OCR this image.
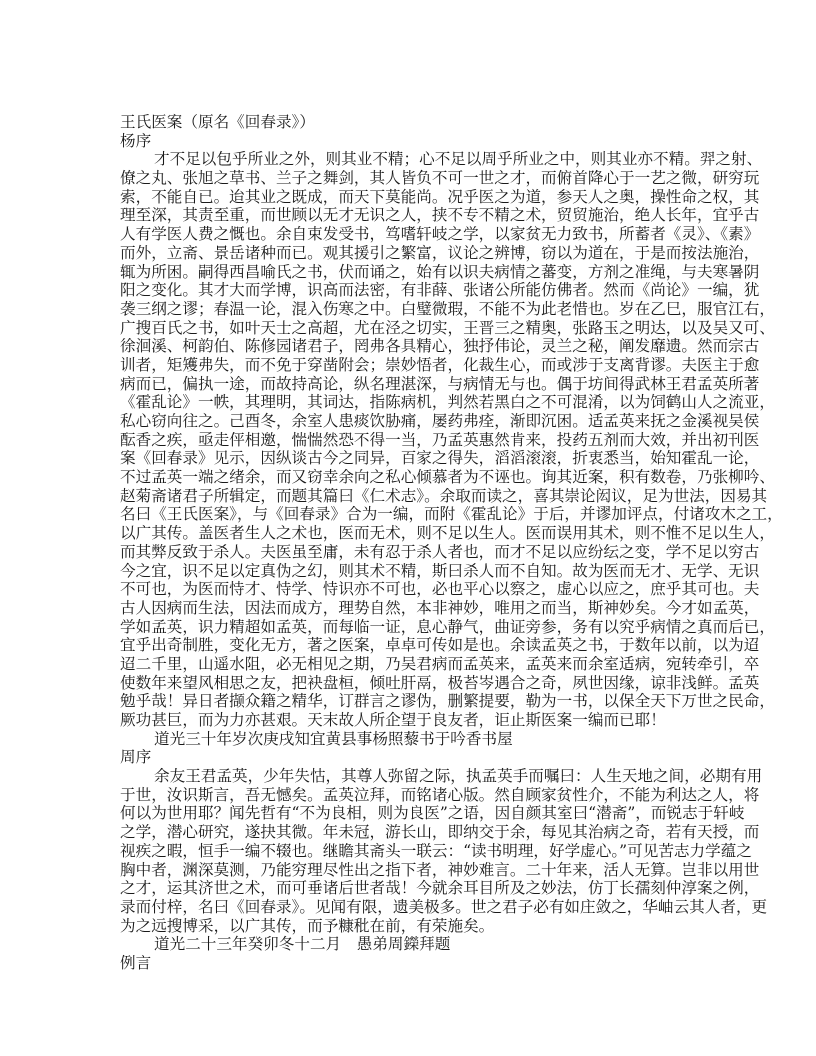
王氏医案（原名《回春录》）
杨序
才不足以包乎所业之外，则其业不精；心不足以周乎所业之中，则其业亦不精。羿之射、
僚之丸、张旭之草书、兰子之舞剑，其人皆负不可一世之才，而俯首降心于一艺之微，研穷玩
索，不能自已。迨其业之既成，而天下莫能尚。况乎医之为道，参天人之奥，操性命之权，其
理至深，其责至重，而世顾以无才无识之人，挟不专不精之术，贸贸施治，绝人长年，宜乎古
人有学医人费之慨也。余自束发受书，笃嗜轩岐之学，以家贫无力致书，所蓄者《灵》、《素》
而外，立斋、景岳诸种而已。观其援引之繁富，议论之辨博，窃以为道在，于是而按法施治，
辄为所困。嗣得西昌喻氏之书，伏而诵之，始有以识夫病情之蕃变，方剂之准绳，与夫寒暑阴
阳之变化。其才大而学博，识高而法密，有非薛、张诸公所能仿佛者。然而《尚论》一编，犹
袭三纲之谬；春温一论，混入伤寒之中。白璧微瑕，不能不为此老惜也。岁在乙巳，服官江右，
广搜百氏之书，如叶天士之高超，尤在泾之切实，王晋三之精奥，张路玉之明达，以及吴又可、
徐洄溪、柯韵伯、陈修园诸君子，罔弗各具精心，独抒伟论，灵兰之秘，阐发靡遗。然而宗古
训者，矩矱弗失，而不免于穿凿附会；崇妙悟者，化裁生心，而或涉于支离背谬。夫医主于愈
病而已，偏执一途，而故持高论，纵名理湛深，与病情无与也。偶于坊间得武林王君孟英所著
《霍乱论》一帙，其理明，其词达，指陈病机，判然若黑白之不可混淆，以为饲鹤山人之流亚，
私心窃向往之。己酉冬，余室人患痰饮胁痛，屡药弗痊，渐即沉困。适孟英来抚之金溪视吴侯
酝香之疾，亟走伻相邀，惴惴然恐不得一当，乃孟英惠然肯来，投药五剂而大效，并出初刊医
案《回春录》见示，因纵谈古今之同异，百家之得失，滔滔滚滚，折衷悉当，始知霍乱一论，
不过孟英一端之绪余，而又窃幸余向之私心倾慕者为不诬也。询其近案，积有数卷，乃张柳吟、
赵菊斋诸君子所辑定，而题其篇曰《仁术志》。余取而读之，喜其崇论闳议，足为世法，因易其
名曰《王氏医案》，与《回春录》合为一编，而附《霍乱论》于后，并谬加评点，付诸攻木之工，
以广其传。盖医者生人之术也，医而无术，则不足以生人。医而误用其术，则不惟不足以生人，
而其弊反致于杀人。夫医虽至庸，未有忍于杀人者也，而才不足以应纷纭之变，学不足以穷古
今之宜，识不足以定真伪之幻，则其术不精，斯曰杀人而不自知。故为医而无才、无学、无识
不可也，为医而恃才、恃学、恃识亦不可也，必也平心以察之，虚心以应之，庶乎其可也。夫
古人因病而生法，因法而成方，理势自然，本非神妙，唯用之而当，斯神妙矣。今才如孟英，
学如孟英，识力精超如孟英，而每临一证，息心静气，曲证旁参，务有以究乎病情之真而后已，
宜乎出奇制胜，变化无方，著之医案，卓卓可传如是也。余读孟英之书，于数年以前，以为迢
迢二千里，山遥水阻，必无相见之期，乃吴君病而孟英来，孟英来而余室适病，宛转牵引，卒
使数年来望风相思之友，把袂盘桓，倾吐肝鬲，极苔岑遇合之奇，夙世因缘，谅非浅鲜。孟英
勉乎哉！异日者撷众籍之精华，订群言之谬伪，删繁提要，勒为一书，以保全天下万世之民命，
厥功甚巨，而为力亦甚艰。天末故人所企望于良友者，讵止斯医案一编而已耶！
道光三十年岁次庚戌知宜黄县事杨照藜书于吟香书屋
周序
余友王君孟英，少年失怙，其尊人弥留之际，执孟英手而嘱曰：人生天地之间，必期有用
于世，汝识斯言，吾无憾矣。孟英泣拜，而铭诸心版。然自顾家贫性介，不能为利达之人，将
何以为世用耶？闻先哲有“不为良相，则为良医”之语，因自颜其室曰“潜斋”，而锐志于轩岐
之学，潜心研究，遂抉其微。年未冠，游长山，即纳交于余，每见其治病之奇，若有天授，而
视疾之暇，恒手一编不辍也。继瞻其斋头一联云：“读书明理，好学虚心。”可见苦志力学蕴之
胸中者，渊深莫测，乃能穷理尽性出之指下者，神妙难言。二十年来，活人无算。岂非以用世
之才，运其济世之术，而可垂诸后世者哉！今就余耳目所及之妙法，仿丁长孺刻仲淳案之例，
录而付梓，名曰《回春录》。见闻有限，遗美极多。世之君子必有如庄敛之，华岫云其人者，更
为之远搜博采，以广其传，而予糠秕在前，有荣施矣。
道光二十三年癸卯冬十二月　愚弟周鑅拜题
例言
